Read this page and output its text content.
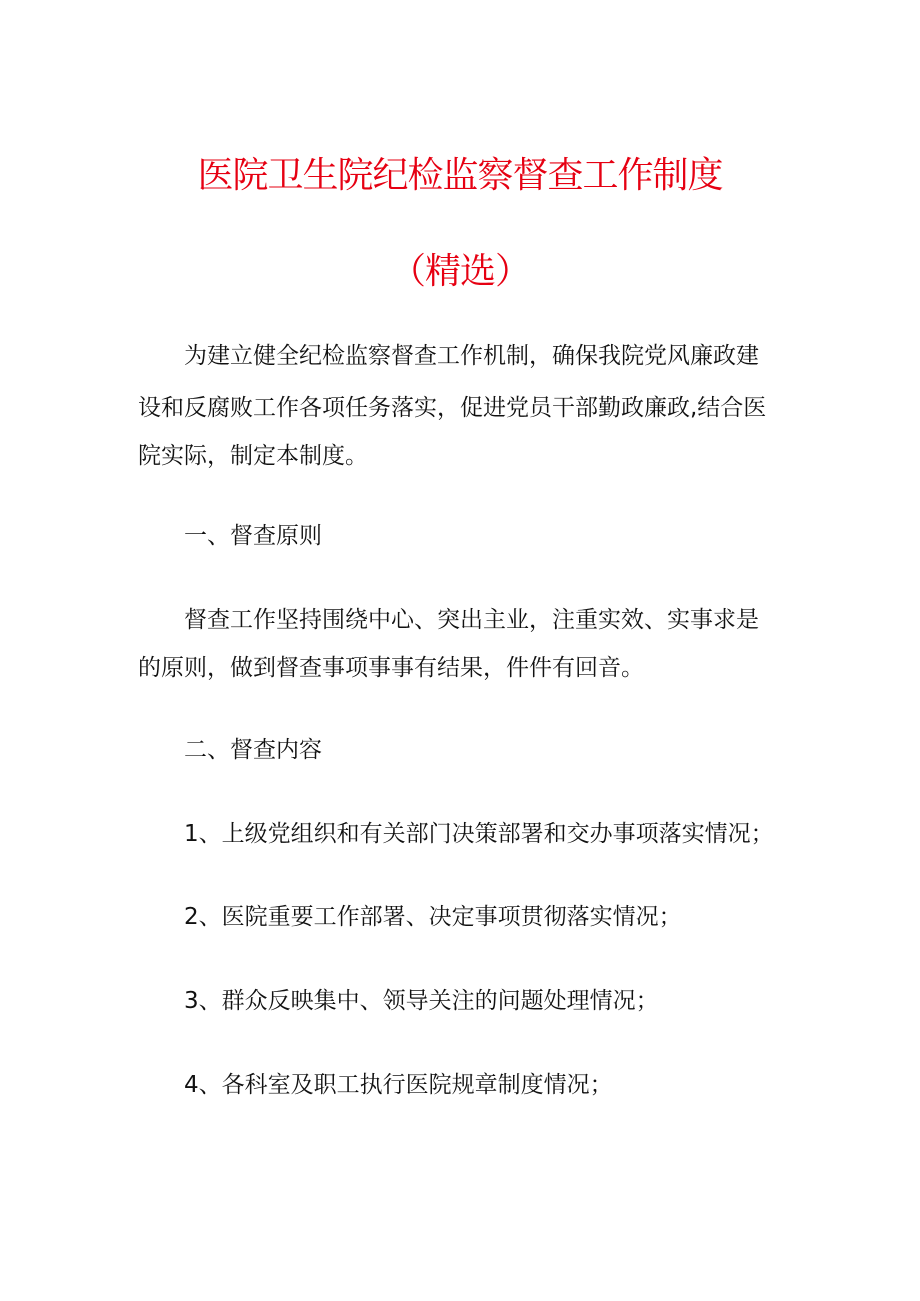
医院卫生院纪检监察督查工作制度
（精选）
为建立健全纪检监察督查工作机制，确保我院党风廉政建
设和反腐败工作各项任务落实，促进党员干部勤政廉政,结合医
院实际，制定本制度。
一、督查原则
督查工作坚持围绕中心、突出主业，注重实效、实事求是
的原则，做到督查事项事事有结果，件件有回音。
二、督查内容
1、上级党组织和有关部门决策部署和交办事项落实情况；
2、医院重要工作部署、决定事项贯彻落实情况；
3、群众反映集中、领导关注的问题处理情况；
4、各科室及职工执行医院规章制度情况；
